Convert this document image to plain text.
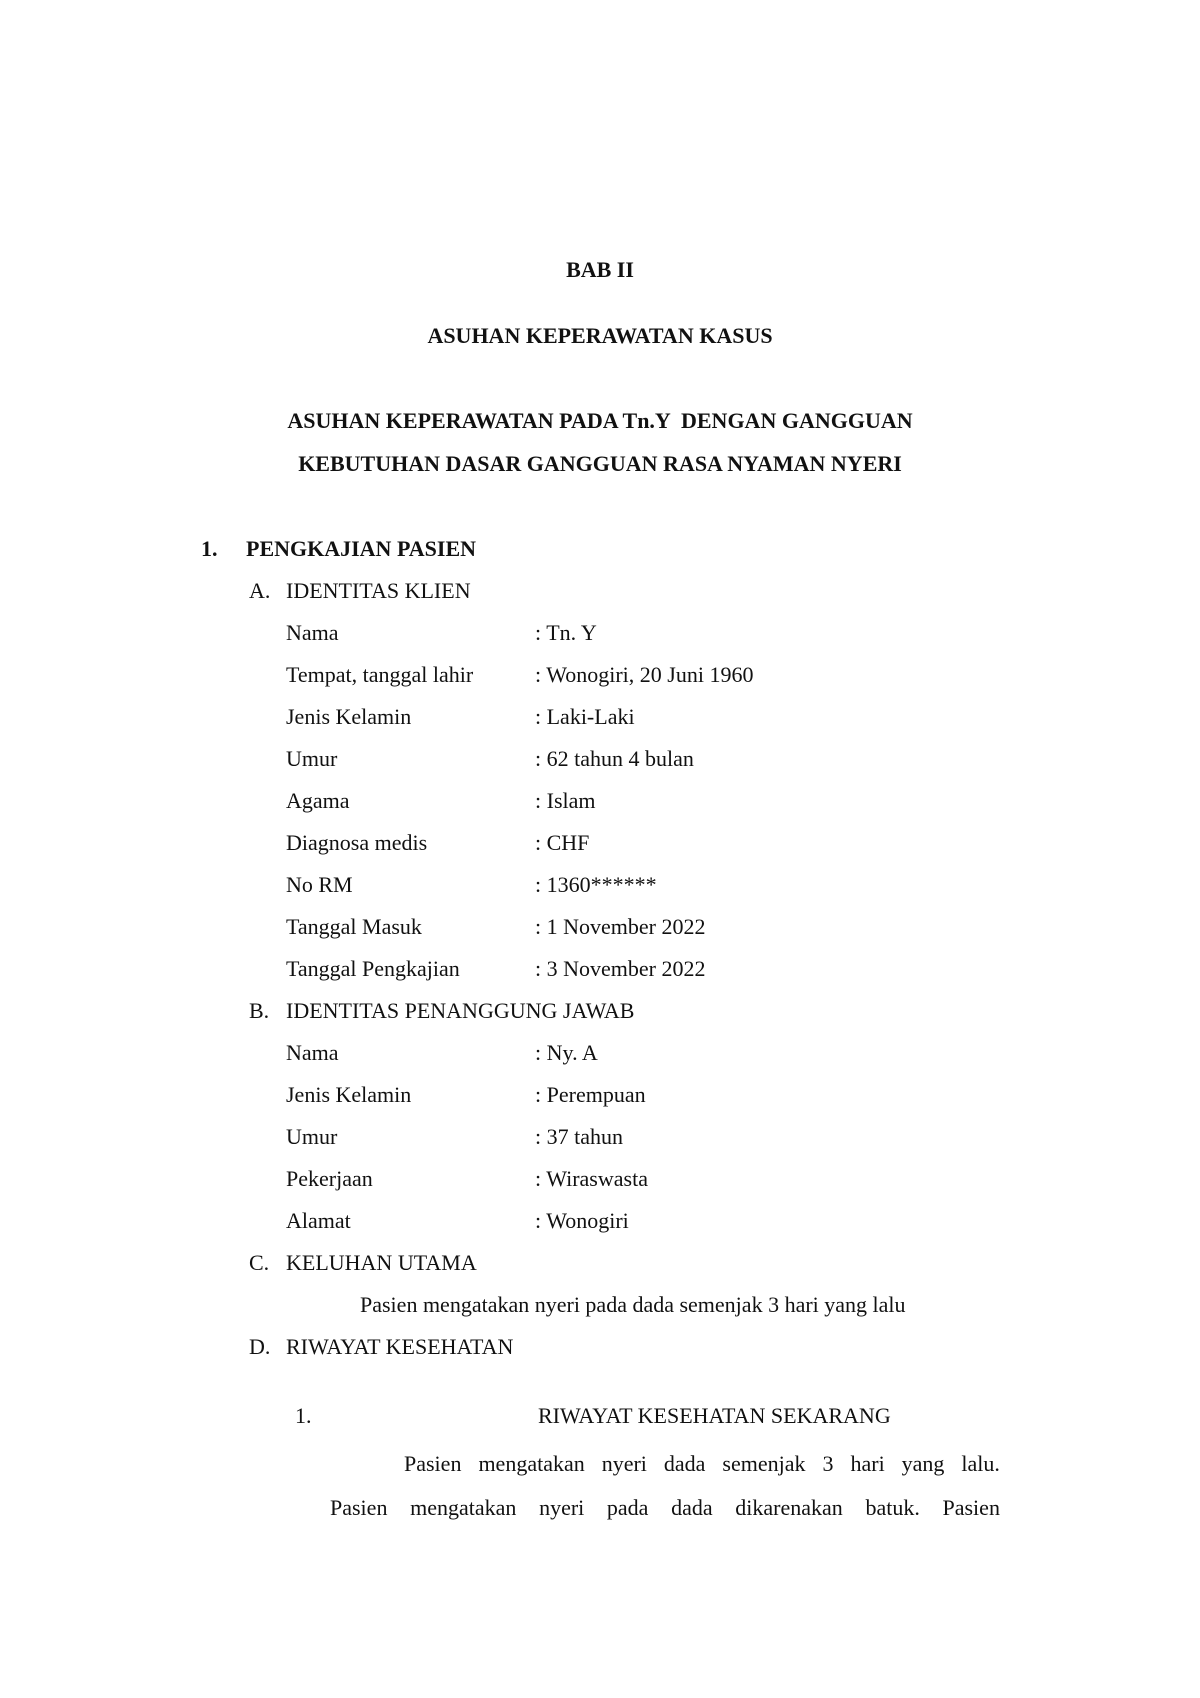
BAB II
ASUHAN KEPERAWATAN KASUS
ASUHAN KEPERAWATAN PADA Tn.Y  DENGAN GANGGUAN
KEBUTUHAN DASAR GANGGUAN RASA NYAMAN NYERI
1. PENGKAJIAN PASIEN
A. IDENTITAS KLIEN
Nama	: Tn. Y
Tempat, tanggal lahir	: Wonogiri, 20 Juni 1960
Jenis Kelamin	: Laki-Laki
Umur	: 62 tahun 4 bulan
Agama	: Islam
Diagnosa medis	: CHF
No RM	: 1360******
Tanggal Masuk	: 1 November 2022
Tanggal Pengkajian	: 3 November 2022
B. IDENTITAS PENANGGUNG JAWAB
Nama	: Ny. A
Jenis Kelamin	: Perempuan
Umur	: 37 tahun
Pekerjaan	: Wiraswasta
Alamat	: Wonogiri
C. KELUHAN UTAMA
Pasien mengatakan nyeri pada dada semenjak 3 hari yang lalu
D. RIWAYAT KESEHATAN
1.	RIWAYAT KESEHATAN SEKARANG
Pasien mengatakan nyeri dada semenjak 3 hari yang lalu.
Pasien mengatakan nyeri pada dada dikarenakan batuk. Pasien
